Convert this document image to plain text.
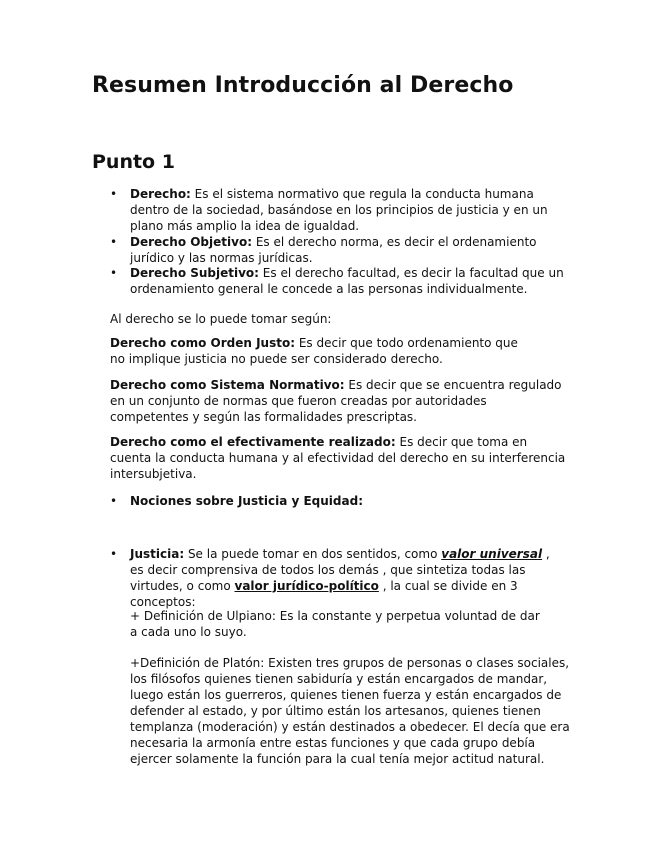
Resumen Introducción al Derecho
Punto 1
• Derecho: Es el sistema normativo que regula la conducta humana dentro de la sociedad, basándose en los principios de justicia y en un plano más amplio la idea de igualdad.
• Derecho Objetivo: Es el derecho norma, es decir el ordenamiento jurídico y las normas jurídicas.
• Derecho Subjetivo: Es el derecho facultad, es decir la facultad que un ordenamiento general le concede a las personas individualmente.
Al derecho se lo puede tomar según:
Derecho como Orden Justo: Es decir que todo ordenamiento que no implique justicia no puede ser considerado derecho.
Derecho como Sistema Normativo: Es decir que se encuentra regulado en un conjunto de normas que fueron creadas por autoridades competentes y según las formalidades prescriptas.
Derecho como el efectivamente realizado: Es decir que toma en cuenta la conducta humana y al efectividad del derecho en su interferencia intersubjetiva.
• Nociones sobre Justicia y Equidad:
• Justicia: Se la puede tomar en dos sentidos, como valor universal , es decir comprensiva de todos los demás , que sintetiza todas las virtudes, o como valor jurídico-político , la cual se divide en 3 conceptos:
+ Definición de Ulpiano: Es la constante y perpetua voluntad de dar a cada uno lo suyo.
+Definición de Platón: Existen tres grupos de personas o clases sociales, los filósofos quienes tienen sabiduría y están encargados de mandar, luego están los guerreros, quienes tienen fuerza y están encargados de defender al estado, y por último están los artesanos, quienes tienen templanza (moderación) y están destinados a obedecer. El decía que era necesaria la armonía entre estas funciones y que cada grupo debía ejercer solamente la función para la cual tenía mejor actitud natural.
